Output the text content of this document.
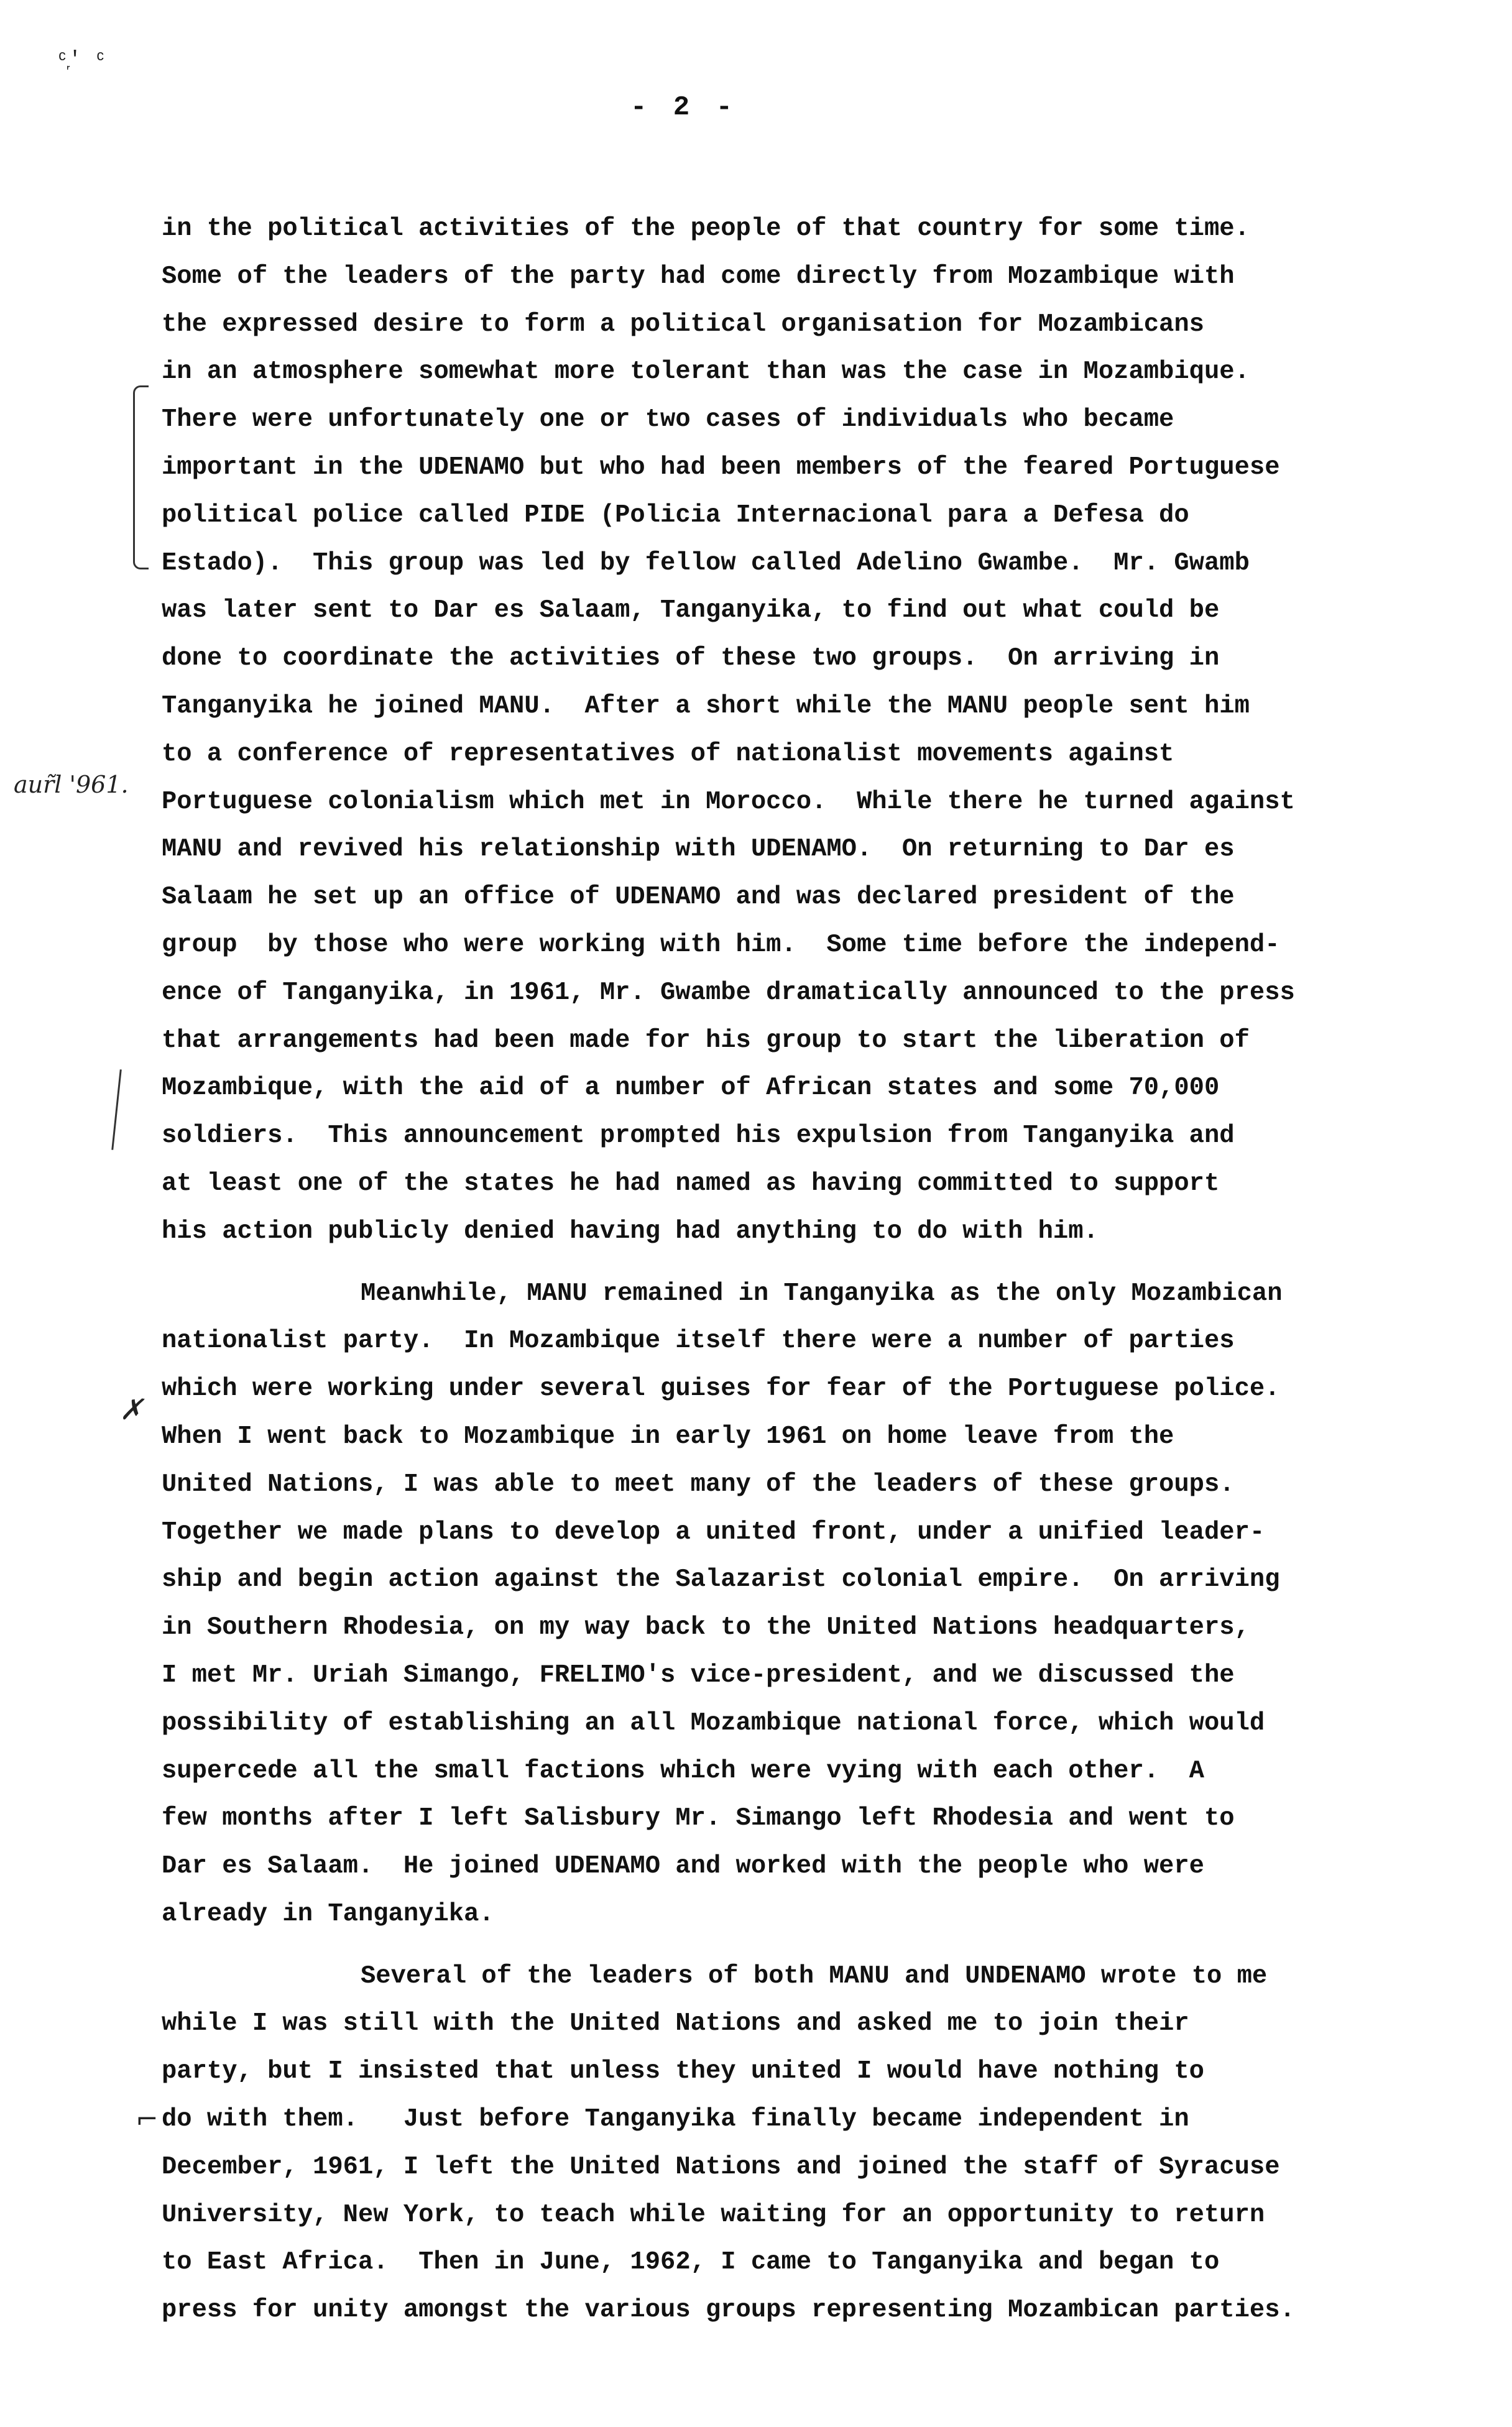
ᶜ᷊' ᶜ
- 2 -
aur̃l '961.
✗
⌐
in the political activities of the people of that country for some time.
Some of the leaders of the party had come directly from Mozambique with
the expressed desire to form a political organisation for Mozambicans
in an atmosphere somewhat more tolerant than was the case in Mozambique.
There were unfortunately one or two cases of individuals who became
important in the UDENAMO but who had been members of the feared Portuguese
political police called PIDE (Policia Internacional para a Defesa do
Estado).  This group was led by fellow called Adelino Gwambe.  Mr. Gwamb
was later sent to Dar es Salaam, Tanganyika, to find out what could be
done to coordinate the activities of these two groups.  On arriving in
Tanganyika he joined MANU.  After a short while the MANU people sent him
to a conference of representatives of nationalist movements against
Portuguese colonialism which met in Morocco.  While there he turned against
MANU and revived his relationship with UDENAMO.  On returning to Dar es
Salaam he set up an office of UDENAMO and was declared president of the
group  by those who were working with him.  Some time before the independ-
ence of Tanganyika, in 1961, Mr. Gwambe dramatically announced to the press
that arrangements had been made for his group to start the liberation of
Mozambique, with the aid of a number of African states and some 70,000
soldiers.  This announcement prompted his expulsion from Tanganyika and
at least one of the states he had named as having committed to support
his action publicly denied having had anything to do with him.
Meanwhile, MANU remained in Tanganyika as the only Mozambican
nationalist party.  In Mozambique itself there were a number of parties
which were working under several guises for fear of the Portuguese police.
When I went back to Mozambique in early 1961 on home leave from the
United Nations, I was able to meet many of the leaders of these groups.
Together we made plans to develop a united front, under a unified leader-
ship and begin action against the Salazarist colonial empire.  On arriving
in Southern Rhodesia, on my way back to the United Nations headquarters,
I met Mr. Uriah Simango, FRELIMO's vice-president, and we discussed the
possibility of establishing an all Mozambique national force, which would
supercede all the small factions which were vying with each other.  A
few months after I left Salisbury Mr. Simango left Rhodesia and went to
Dar es Salaam.  He joined UDENAMO and worked with the people who were
already in Tanganyika.
Several of the leaders of both MANU and UNDENAMO wrote to me
while I was still with the United Nations and asked me to join their
party, but I insisted that unless they united I would have nothing to
do with them.   Just before Tanganyika finally became independent in
December, 1961, I left the United Nations and joined the staff of Syracuse
University, New York, to teach while waiting for an opportunity to return
to East Africa.  Then in June, 1962, I came to Tanganyika and began to
press for unity amongst the various groups representing Mozambican parties.
